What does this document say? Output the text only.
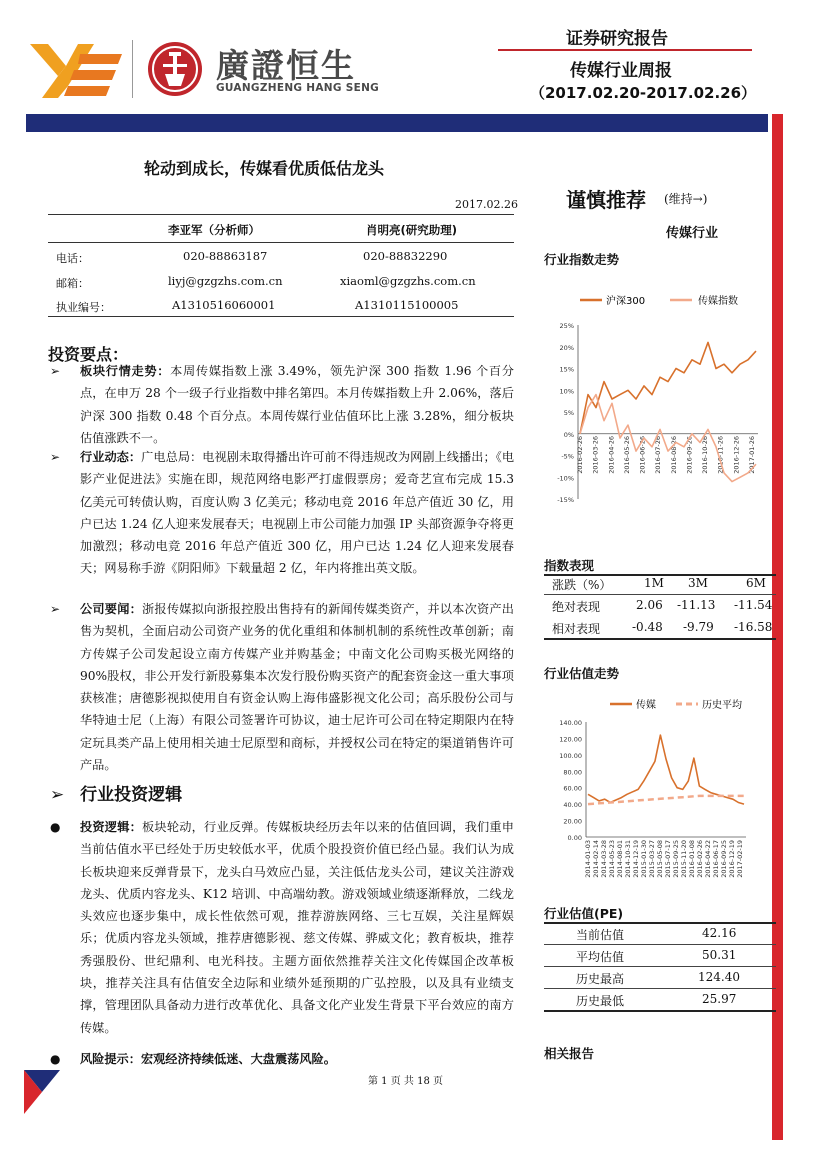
廣證恒生
GUANGZHENG HANG SENG
证券研究报告
传媒行业周报
（2017.02.20-2017.02.26）
轮动到成长，传媒看优质低估龙头
2017.02.26
李亚军（分析师）	肖明亮(研究助理)
电话：	020-88863187	020-88832290
邮箱：	liyj@gzgzhs.com.cn	xiaoml@gzgzhs.com.cn
执业编号：	A1310516060001	A1310115100005
投资要点：
➢	板块行情走势：本周传媒指数上涨 3.49%，领先沪深 300 指数 1.96 个百分点，在申万 28 个一级子行业指数中排名第四。本月传媒指数上升 2.06%，落后沪深 300 指数 0.48 个百分点。本周传媒行业估值环比上涨 3.28%，细分板块估值涨跌不一。
➢	行业动态：广电总局：电视剧未取得播出许可前不得违规改为网剧上线播出；《电影产业促进法》实施在即，规范网络电影严打虚假票房；爱奇艺宣布完成 15.3 亿美元可转债认购，百度认购 3 亿美元；移动电竞 2016 年总产值近 30 亿，用户已达 1.24 亿人迎来发展春天；电视剧上市公司能力加强 IP 头部资源争夺将更加激烈；移动电竞 2016 年总产值近 300 亿，用户已达 1.24 亿人迎来发展春天；网易称手游《阴阳师》下载量超 2 亿，年内将推出英文版。
➢	公司要闻：浙报传媒拟向浙报控股出售持有的新闻传媒类资产，并以本次资产出售为契机，全面启动公司资产业务的优化重组和体制机制的系统性改革创新；南方传媒子公司发起设立南方传媒产业并购基金；中南文化公司购买极光网络的 90%股权，非公开发行新股募集本次发行股份购买资产的配套资金这一重大事项获核准；唐德影视拟使用自有资金认购上海伟盛影视文化公司；高乐股份公司与华特迪士尼（上海）有限公司签署许可协议，迪士尼许可公司在特定期限内在特定玩具类产品上使用相关迪士尼原型和商标，并授权公司在特定的渠道销售许可产品。
➢ 行业投资逻辑
●	投资逻辑：板块轮动，行业反弹。传媒板块经历去年以来的估值回调，我们重申当前估值水平已经处于历史较低水平，优质个股投资价值已经凸显。我们认为成长板块迎来反弹背景下，龙头白马效应凸显，关注低估龙头公司，建议关注游戏龙头、优质内容龙头、K12 培训、中高端幼教。游戏领域业绩逐渐释放，二线龙头效应也逐步集中，成长性依然可观，推荐游族网络、三七互娱，关注星辉娱乐；优质内容龙头领域，推荐唐德影视、慈文传媒、骅威文化；教育板块，推荐秀强股份、世纪鼎利、电光科技。主题方面依然推荐关注文化传媒国企改革板块，推荐关注具有估值安全边际和业绩外延预期的广弘控股，以及具有业绩支撑，管理团队具备动力进行改革优化、具备文化产业发生背景下平台效应的南方传媒。
●	风险提示：宏观经济持续低迷、大盘震荡风险。
第 1 页 共 18 页
谨慎推荐 (维持→)
传媒行业
行业指数走势
沪深300	传媒指数
25%
20%
15%
10%
5%
0%
-5%
-10%
-15%
2016-02-26 2016-03-26 2016-04-26 2016-05-26 2016-06-26 2016-07-26 2016-08-26 2016-09-26 2016-10-26 2016-11-26 2016-12-26 2017-01-26
指数表现
涨跌（%）	1M 3M	6M
绝对表现	2.06 -11.13 -11.54
相对表现	-0.48 -9.79 -16.58
行业估值走势
传媒	历史平均
140.00
120.00
100.00
80.00
60.00
40.00
20.00
0.00
2014-01-03 2014-02-14 2014-03-28 2014-05-23 2014-08-01 2014-10-31 2014-12-19 2015-01-30 2015-03-27 2015-05-08 2015-07-17 2015-09-25 2015-11-20 2016-01-08 2016-02-26 2016-04-22 2016-06-17 2016-09-25 2016-12-19 2017-02-19
行业估值(PE)
当前估值	42.16
平均估值	50.31
历史最高	124.40
历史最低	25.97
相关报告
